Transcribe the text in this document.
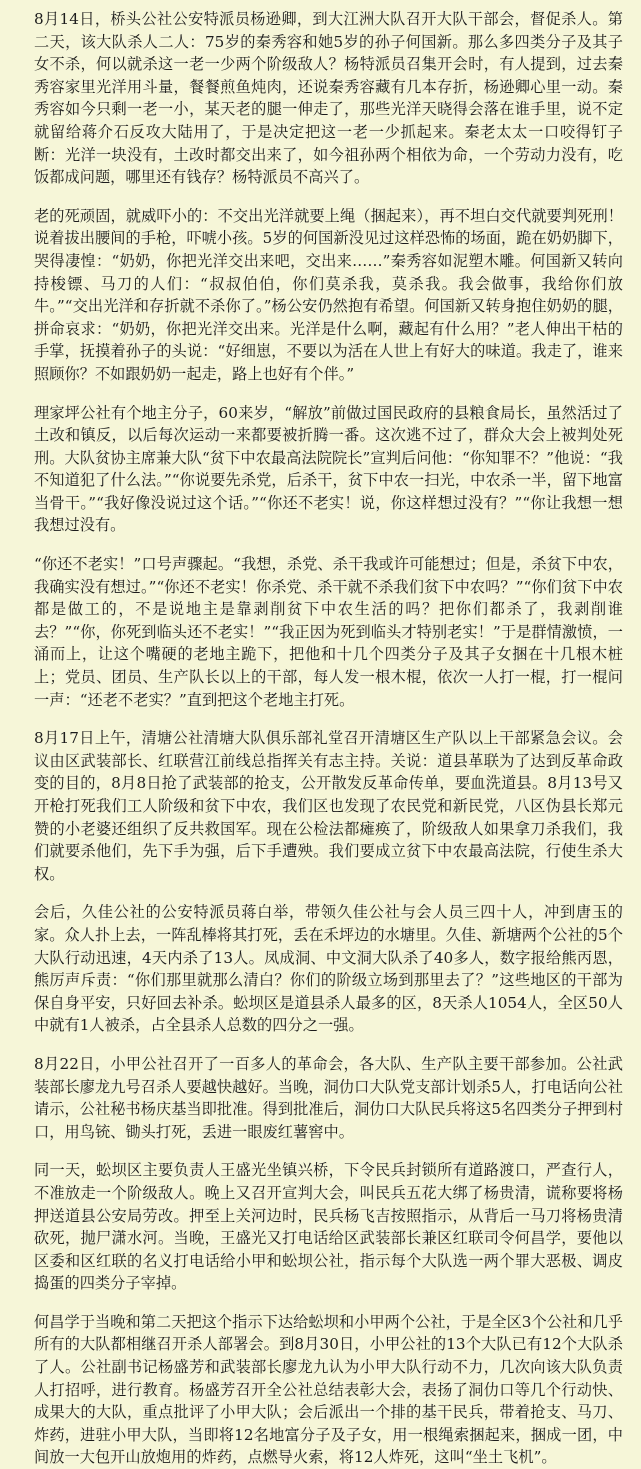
8月14日，桥头公社公安特派员杨逊卿，到大江洲大队召开大队干部会，督促杀人。第二天，该大队杀人二人：75岁的秦秀容和她5岁的孙子何国新。那么多四类分子及其子女不杀，何以就杀这一老一少两个阶级敌人？杨特派员召集开会时，有人提到，过去秦秀容家里光洋用斗量，餐餐煎鱼炖肉，还说秦秀容藏有几本存折，杨逊卿心里一动。秦秀容如今只剩一老一小，某天老的腿一伸走了，那些光洋天晓得会落在谁手里，说不定就留给蒋介石反攻大陆用了，于是决定把这一老一少抓起来。秦老太太一口咬得钉子断：光洋一块没有，土改时都交出来了，如今祖孙两个相依为命，一个劳动力没有，吃饭都成问题，哪里还有钱存？杨特派员不高兴了。

老的死顽固，就威吓小的：不交出光洋就要上绳（捆起来），再不坦白交代就要判死刑！说着拔出腰间的手枪，吓唬小孩。5岁的何国新没见过这样恐怖的场面，跪在奶奶脚下，哭得凄惶：“奶奶，你把光洋交出来吧，交出来……”秦秀容如泥塑木雕。何国新又转向持梭镖、马刀的人们：“叔叔伯伯，你们莫杀我，莫杀我。我会做事，我给你们放牛。”“交出光洋和存折就不杀你了。”杨公安仍然抱有希望。何国新又转身抱住奶奶的腿，拼命哀求：“奶奶，你把光洋交出来。光洋是什么啊，藏起有什么用？”老人伸出干枯的手掌，抚摸着孙子的头说：“好细崽，不要以为活在人世上有好大的味道。我走了，谁来照顾你？不如跟奶奶一起走，路上也好有个伴。”

理家坪公社有个地主分子，60来岁，“解放”前做过国民政府的县粮食局长，虽然活过了土改和镇反，以后每次运动一来都要被折腾一番。这次逃不过了，群众大会上被判处死刑。大队贫协主席兼大队“贫下中农最高法院院长”宣判后问他：“你知罪不？”他说：“我不知道犯了什么法。”“你说要先杀党，后杀干，贫下中农一扫光，中农杀一半，留下地富当骨干。”“我好像没说过这个话。”“你还不老实！说，你这样想过没有？”“你让我想一想我想过没有。

“你还不老实！”口号声骤起。“我想，杀党、杀干我或许可能想过；但是，杀贫下中农，我确实没有想过。”“你还不老实！你杀党、杀干就不杀我们贫下中农吗？”“你们贫下中农都是做工的，不是说地主是靠剥削贫下中农生活的吗？把你们都杀了，我剥削谁去？”“你，你死到临头还不老实！”“我正因为死到临头才特别老实！”于是群情激愤，一涌而上，让这个嘴硬的老地主跪下，把他和十几个四类分子及其子女捆在十几根木桩上；党员、团员、生产队长以上的干部，每人发一根木棍，依次一人打一棍，打一棍问一声：“还老不老实？”直到把这个老地主打死。

8月17日上午，清塘公社清塘大队俱乐部礼堂召开清塘区生产队以上干部紧急会议。会议由区武装部长、红联营江前线总指挥关有志主持。关说：道县革联为了达到反革命政变的目的，8月8日抢了武装部的抢支，公开散发反革命传单，要血洗道县。8月13号又开枪打死我们工人阶级和贫下中农，我们区也发现了农民党和新民党，八区伪县长郑元赞的小老婆还组织了反共救国军。现在公检法都瘫痪了，阶级敌人如果拿刀杀我们，我们就要杀他们，先下手为强，后下手遭殃。我们要成立贫下中农最高法院，行使生杀大权。

会后，久佳公社的公安特派员蒋白举，带领久佳公社与会人员三四十人，冲到唐玉的家。众人扑上去，一阵乱棒将其打死，丢在禾坪边的水塘里。久佳、新塘两个公社的5个大队行动迅速，4天内杀了13人。凤成洞、中文洞大队杀了40多人，数字报给熊丙恩，熊厉声斥责：“你们那里就那么清白？你们的阶级立场到那里去了？”这些地区的干部为保自身平安，只好回去补杀。蚣坝区是道县杀人最多的区，8天杀人1054人，全区50人中就有1人被杀，占全县杀人总数的四分之一强。

8月22日，小甲公社召开了一百多人的革命会，各大队、生产队主要干部参加。公社武装部长廖龙九号召杀人要越快越好。当晚，洞仂口大队党支部计划杀5人，打电话向公社请示，公社秘书杨庆基当即批准。得到批准后，洞仂口大队民兵将这5名四类分子押到村口，用鸟铳、锄头打死，丢进一眼废红薯窖中。

同一天，蚣坝区主要负责人王盛光坐镇兴桥，下令民兵封锁所有道路渡口，严查行人，不准放走一个阶级敌人。晚上又召开宣判大会，叫民兵五花大绑了杨贵清，谎称要将杨押送道县公安局劳改。押至上关河边时，民兵杨飞吉按照指示，从背后一马刀将杨贵清砍死，抛尸潇水河。当晚，王盛光又打电话给区武装部长兼区红联司令何昌学，要他以区委和区红联的名义打电话给小甲和蚣坝公社，指示每个大队选一两个罪大恶极、调皮捣蛋的四类分子宰掉。

何昌学于当晚和第二天把这个指示下达给蚣坝和小甲两个公社，于是全区3个公社和几乎所有的大队都相继召开杀人部署会。到8月30日，小甲公社的13个大队已有12个大队杀了人。公社副书记杨盛芳和武装部长廖龙九认为小甲大队行动不力，几次向该大队负责人打招呼，进行教育。杨盛芳召开全公社总结表彰大会，表扬了洞仂口等几个行动快、成果大的大队，重点批评了小甲大队；会后派出一个排的基干民兵，带着抢支、马刀、炸药，进驻小甲大队，当即将12名地富分子及子女，用一根绳索捆起来，捆成一团，中间放一大包开山放炮用的炸药，点燃导火索，将12人炸死，这叫“坐土飞机”。
